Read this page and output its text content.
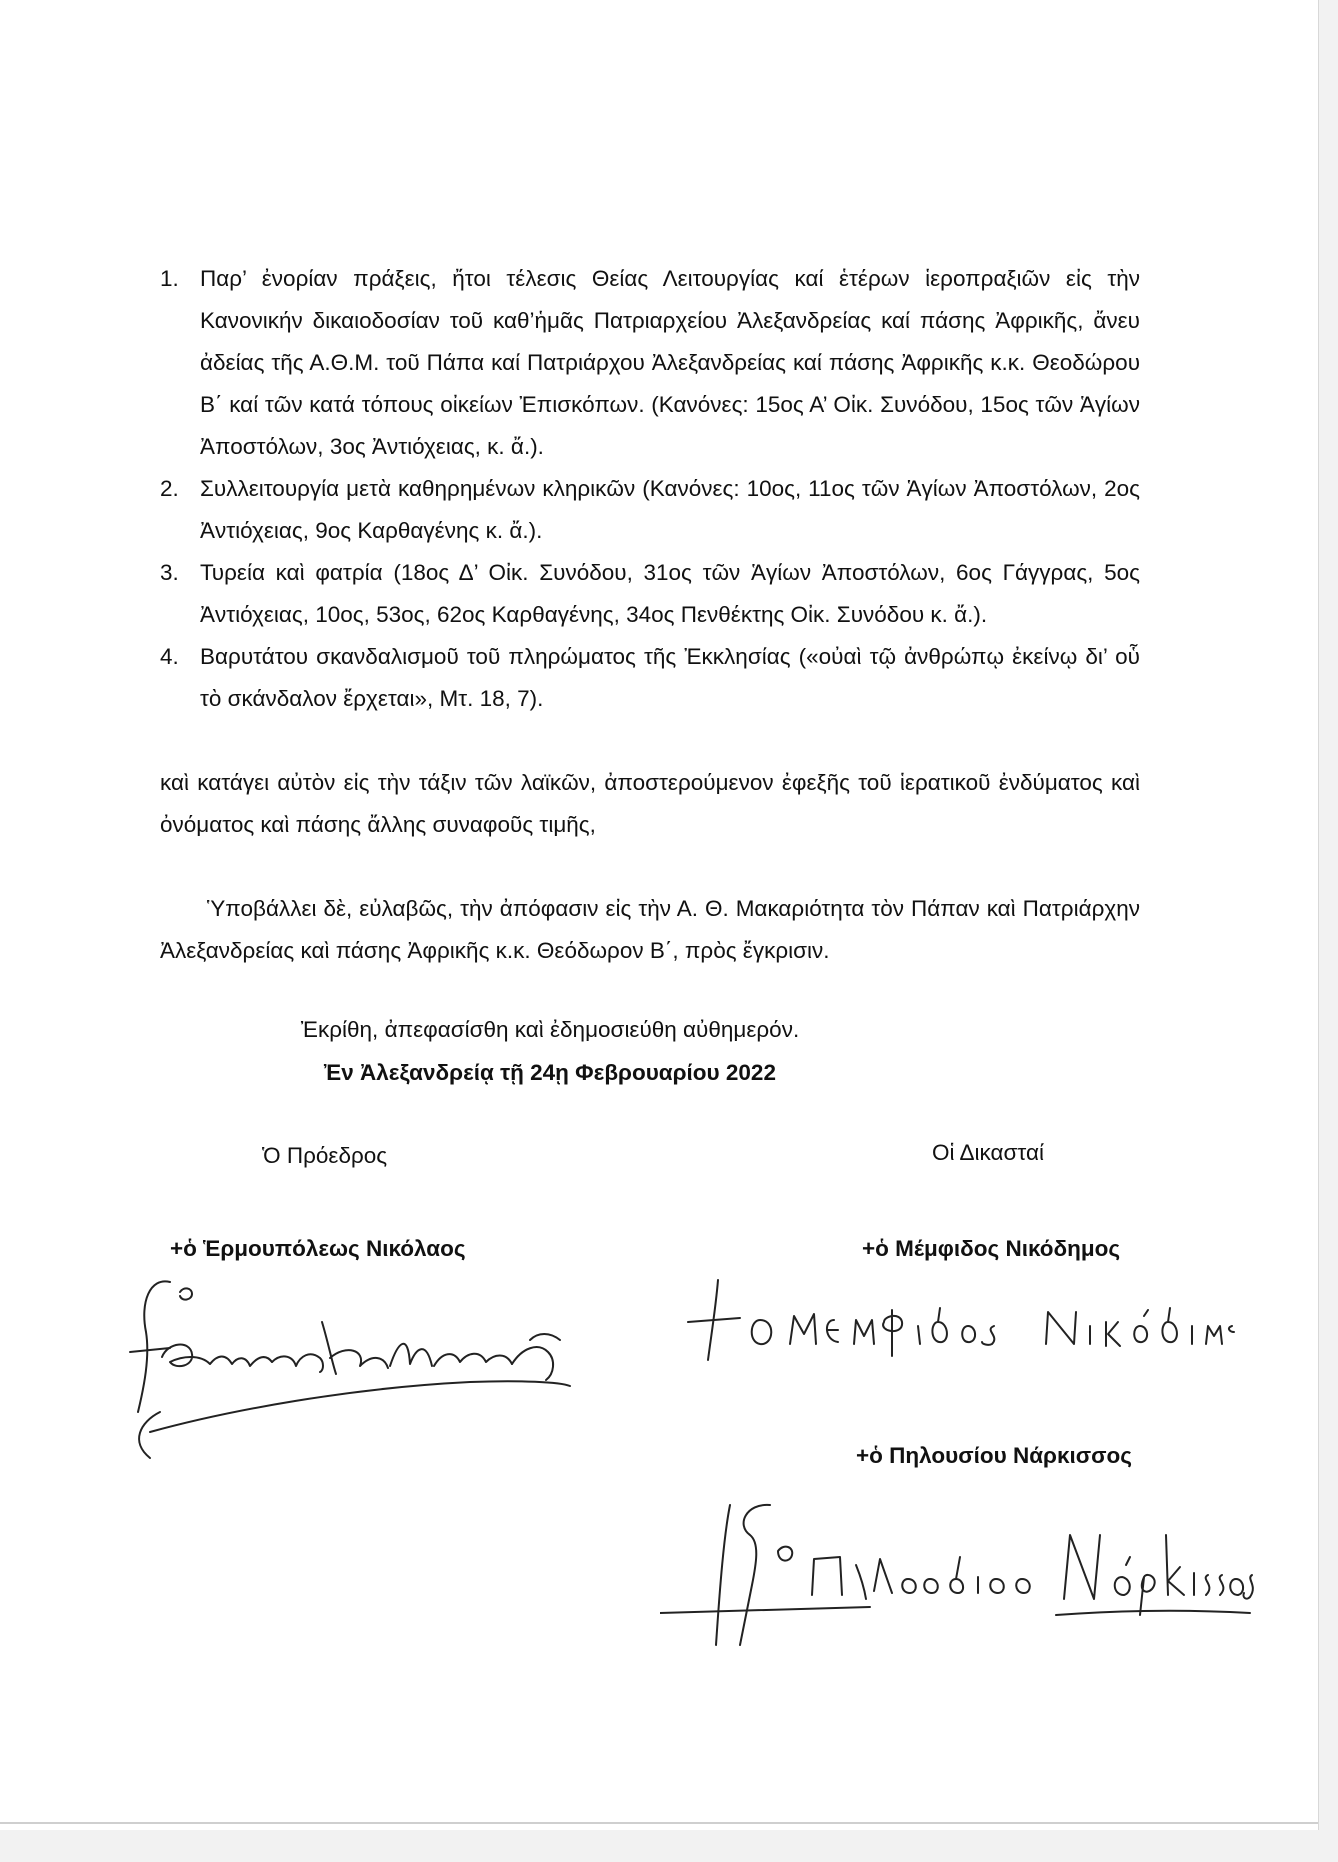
1. Παρ’ ἐνορίαν πράξεις, ἤτοι τέλεσις Θείας Λειτουργίας καί ἑτέρων ἱεροπραξιῶν εἰς τὴν Κανονικήν δικαιοδοσίαν τοῦ καθ’ἡμᾶς Πατριαρχείου Ἀλεξανδρείας καί πάσης Ἀφρικῆς, ἄνευ ἀδείας τῆς Α.Θ.Μ. τοῦ Πάπα καί Πατριάρχου Ἀλεξανδρείας καί πάσης Ἀφρικῆς κ.κ. Θεοδώρου Β΄ καί τῶν κατά τόπους οἰκείων Ἐπισκόπων. (Κανόνες: 15ος Α’ Οἰκ. Συνόδου, 15ος τῶν Ἁγίων Ἀποστόλων, 3ος Ἀντιόχειας, κ. ἄ.).
2. Συλλειτουργία μετὰ καθηρημένων κληρικῶν (Κανόνες: 10ος, 11ος τῶν Ἁγίων Ἀποστόλων, 2ος Ἀντιόχειας, 9ος Καρθαγένης κ. ἄ.).
3. Τυρεία καὶ φατρία (18ος Δ’ Οἰκ. Συνόδου, 31ος τῶν Ἁγίων Ἀποστόλων, 6ος Γάγγρας, 5ος Ἀντιόχειας, 10ος, 53ος, 62ος Καρθαγένης, 34ος Πενθέκτης Οἰκ. Συνόδου κ. ἄ.).
4. Βαρυτάτου σκανδαλισμοῦ τοῦ πληρώματος τῆς Ἐκκλησίας («οὐαὶ τῷ ἀνθρώπῳ ἐκείνῳ δι’ οὗ τὸ σκάνδαλον ἔρχεται», Μτ. 18, 7).

καὶ κατάγει αὐτὸν εἰς τὴν τάξιν τῶν λαϊκῶν, ἀποστερούμενον ἐφεξῆς τοῦ ἱερατικοῦ ἐνδύματος καὶ ὀνόματος καὶ πάσης ἄλλης συναφοῦς τιμῆς,

Ὑποβάλλει δὲ, εὐλαβῶς, τὴν ἀπόφασιν εἰς τὴν Α. Θ. Μακαριότητα τὸν Πάπαν καὶ Πατριάρχην Ἀλεξανδρείας καὶ πάσης Ἀφρικῆς κ.κ. Θεόδωρον Β΄, πρὸς ἔγκρισιν.

Ἐκρίθη, ἀπεφασίσθη καὶ ἐδημοσιεύθη αὐθημερόν.
Ἐν Ἀλεξανδρείᾳ τῇ 24ῃ Φεβρουαρίου 2022
Ὁ Πρόεδρος	Οἱ Δικασταί
+ὁ Ἑρμουπόλεως Νικόλαος	+ὁ Μέμφιδος Νικόδημος
+ὁ Πηλουσίου Νάρκισσος
